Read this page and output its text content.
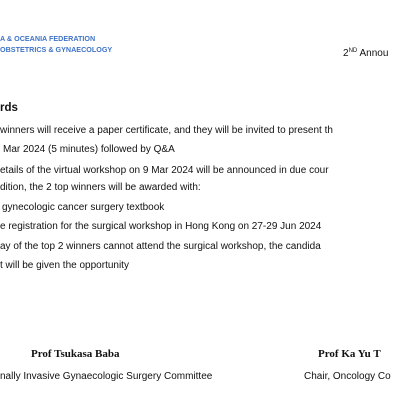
A & OCEANIA FEDERATION
OBSTETRICS & GYNAECOLOGY	2ND Annou
rds
winners will receive a paper certificate, and they will be invited to present th
Mar 2024 (5 minutes) followed by Q&A
etails of the virtual workshop on 9 Mar 2024 will be announced in due cour
dition, the 2 top winners will be awarded with:
gynecologic cancer surgery textbook
e registration for the surgical workshop in Hong Kong on 27-29 Jun 2024
ay of the top 2 winners cannot attend the surgical workshop, the candida
t will be given the opportunity
Prof Tsukasa Baba
nally Invasive Gynaecologic Surgery Committee
Prof Ka Yu T
Chair, Oncology Co
